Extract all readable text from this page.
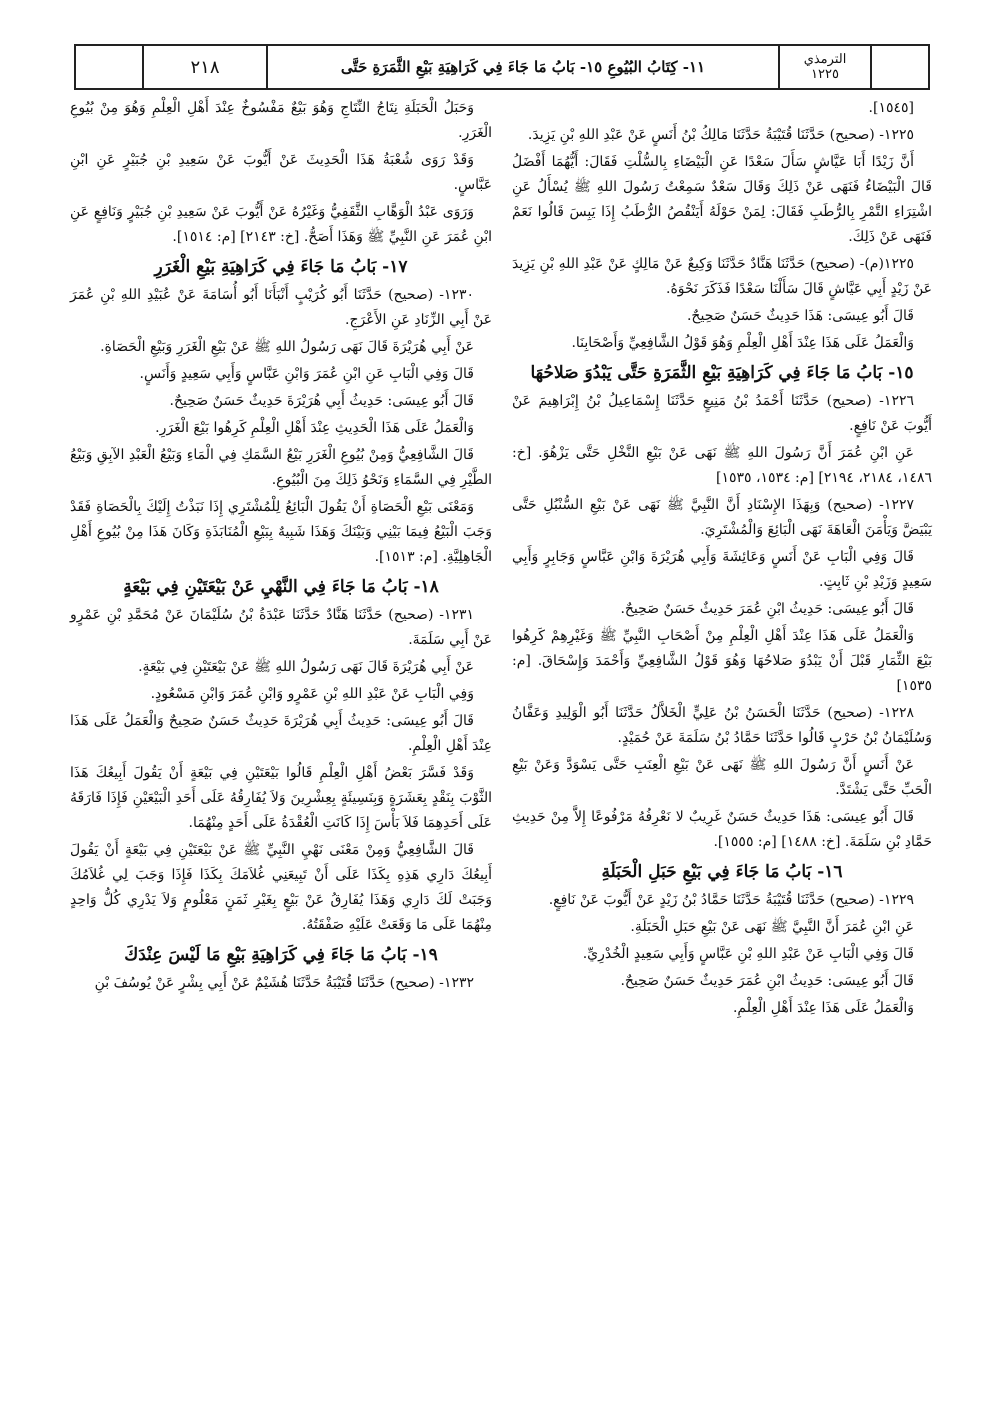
الترمذي
١٢٢٥
١١- كِتَابُ البُيُوعِ ١٥- بَابُ مَا جَاءَ فِي كَرَاهِيَةِ بَيْعِ الثَّمَرَةِ حَتَّى
٢١٨
[١٥٤٥].
١٢٢٥- (صحيح) حَدَّثَنَا قُتَيْبَةُ حَدَّثَنَا مَالِكُ بْنُ أَنَسٍ عَنْ عَبْدِ اللهِ بْنِ يَزِيدَ.
أَنَّ زَيْدًا أَبَا عَيَّاشٍ سَأَلَ سَعْدًا عَنِ الْبَيْضَاءِ بِالسُّلْتِ فَقَالَ: أَيُّهُمَا أَفْضَلُ قَالَ الْبَيْضَاءُ فَنَهَى عَنْ ذَلِكَ وَقَالَ سَعْدٌ سَمِعْتُ رَسُولَ اللهِ ﷺ يُسْأَلُ عَنِ اشْتِرَاءِ التَّمْرِ بِالرُّطَبِ فَقَالَ: لِمَنْ حَوْلَهُ أَيَنْقُصُ الرُّطَبُ إِذَا يَبِسَ قَالُوا نَعَمْ فَنَهَى عَنْ ذَلِكَ.
١٢٢٥(م)- (صحيح) حَدَّثَنَا هَنَّادٌ حَدَّثَنَا وَكِيعٌ عَنْ مَالِكٍ عَنْ عَبْدِ اللهِ بْنِ يَزِيدَ عَنْ زَيْدٍ أَبِي عَيَّاشٍ قَالَ سَأَلْنَا سَعْدًا فَذَكَرَ نَحْوَهُ.
قَالَ أَبُو عِيسَى: هَذَا حَدِيثٌ حَسَنٌ صَحِيحٌ.
وَالْعَمَلُ عَلَى هَذَا عِنْدَ أَهْلِ الْعِلْمِ وَهُوَ قَوْلُ الشَّافِعِيِّ وَأَصْحَابِنَا.
١٥- بَابُ مَا جَاءَ فِي كَرَاهِيَةِ بَيْعِ الثَّمَرَةِ حَتَّى يَبْدُوَ صَلاحُهَا
١٢٢٦- (صحيح) حَدَّثَنَا أَحْمَدُ بْنُ مَنِيعٍ حَدَّثَنَا إِسْمَاعِيلُ بْنُ إِبْرَاهِيمَ عَنْ أَيُّوبَ عَنْ نَافِعٍ.
عَنِ ابْنِ عُمَرَ أَنَّ رَسُولَ اللهِ ﷺ نَهَى عَنْ بَيْعِ النَّخْلِ حَتَّى يَزْهُوَ. [خ: ١٤٨٦، ٢١٨٤، ٢١٩٤] [م: ١٥٣٤، ١٥٣٥]
١٢٢٧- (صحيح) وَبِهَذَا الإِسْنَادِ أَنَّ النَّبِيَّ ﷺ نَهَى عَنْ بَيْعِ السُّنْبُلِ حَتَّى يَبْيَضَّ وَيَأْمَنَ الْعَاهَةَ نَهَى الْبَائِعَ وَالْمُشْتَرِيَ.
قَالَ وَفِي الْبَابِ عَنْ أَنَسٍ وَعَائِشَةَ وَأَبِي هُرَيْرَةَ وَابْنِ عَبَّاسٍ وَجَابِرٍ وَأَبِي سَعِيدٍ وَزَيْدِ بْنِ ثَابِتٍ.
قَالَ أَبُو عِيسَى: حَدِيثُ ابْنِ عُمَرَ حَدِيثٌ حَسَنٌ صَحِيحٌ.
وَالْعَمَلُ عَلَى هَذَا عِنْدَ أَهْلِ الْعِلْمِ مِنْ أَصْحَابِ النَّبِيِّ ﷺ وَغَيْرِهِمْ كَرِهُوا بَيْعَ الثِّمَارِ قَبْلَ أَنْ يَبْدُوَ صَلاحُهَا وَهُوَ قَوْلُ الشَّافِعِيِّ وَأَحْمَدَ وَإِسْحَاقَ. [م: ١٥٣٥]
١٢٢٨- (صحيح) حَدَّثَنَا الْحَسَنُ بْنُ عَلِيٍّ الْخَلاَّلُ حَدَّثَنَا أَبُو الْوَلِيدِ وَعَفَّانُ وَسُلَيْمَانُ بْنُ حَرْبٍ قَالُوا حَدَّثَنَا حَمَّادُ بْنُ سَلَمَةَ عَنْ حُمَيْدٍ.
عَنْ أَنَسٍ أَنَّ رَسُولَ اللهِ ﷺ نَهَى عَنْ بَيْعِ الْعِنَبِ حَتَّى يَسْوَدَّ وَعَنْ بَيْعِ الْحَبِّ حَتَّى يَشْتَدَّ.
قَالَ أَبُو عِيسَى: هَذَا حَدِيثٌ حَسَنٌ غَرِيبٌ لا نَعْرِفُهُ مَرْفُوعًا إِلاَّ مِنْ حَدِيثِ حَمَّادِ بْنِ سَلَمَةَ. [خ: ١٤٨٨] [م: ١٥٥٥].
١٦- بَابُ مَا جَاءَ فِي بَيْعِ حَبَلِ الْحَبَلَةِ
١٢٢٩- (صحيح) حَدَّثَنَا قُتَيْبَةُ حَدَّثَنَا حَمَّادُ بْنُ زَيْدٍ عَنْ أَيُّوبَ عَنْ نَافِعٍ.
عَنِ ابْنِ عُمَرَ أَنَّ النَّبِيَّ ﷺ نَهَى عَنْ بَيْعِ حَبَلِ الْحَبَلَةِ.
قَالَ وَفِي الْبَابِ عَنْ عَبْدِ اللهِ بْنِ عَبَّاسٍ وَأَبِي سَعِيدٍ الْخُدْرِيِّ.
قَالَ أَبُو عِيسَى: حَدِيثُ ابْنِ عُمَرَ حَدِيثٌ حَسَنٌ صَحِيحٌ.
وَالْعَمَلُ عَلَى هَذَا عِنْدَ أَهْلِ الْعِلْمِ.
وَحَبَلُ الْحَبَلَةِ نِتَاجُ النِّتَاجِ وَهُوَ بَيْعٌ مَفْسُوخٌ عِنْدَ أَهْلِ الْعِلْمِ وَهُوَ مِنْ بُيُوعِ الْغَرَرِ.
وَقَدْ رَوَى شُعْبَةُ هَذَا الْحَدِيثَ عَنْ أَيُّوبَ عَنْ سَعِيدِ بْنِ جُبَيْرٍ عَنِ ابْنِ عَبَّاسٍ.
وَرَوَى عَبْدُ الْوَهَّابِ الثَّقَفِيُّ وَغَيْرُهُ عَنْ أَيُّوبَ عَنْ سَعِيدِ بْنِ جُبَيْرٍ وَنَافِعٍ عَنِ ابْنِ عُمَرَ عَنِ النَّبِيِّ ﷺ وَهَذَا أَصَحُّ. [خ: ٢١٤٣] [م: ١٥١٤].
١٧- بَابُ مَا جَاءَ فِي كَرَاهِيَةِ بَيْعِ الْغَرَرِ
١٢٣٠- (صحيح) حَدَّثَنَا أَبُو كُرَيْبٍ أَنْبَأَنَا أَبُو أُسَامَةَ عَنْ عُبَيْدِ اللهِ بْنِ عُمَرَ عَنْ أَبِي الزِّنَادِ عَنِ الأَعْرَجِ.
عَنْ أَبِي هُرَيْرَةَ قَالَ نَهَى رَسُولُ اللهِ ﷺ عَنْ بَيْعِ الْغَرَرِ وَبَيْعِ الْحَصَاةِ.
قَالَ وَفِي الْبَابِ عَنِ ابْنِ عُمَرَ وَابْنِ عَبَّاسٍ وَأَبِي سَعِيدٍ وَأَنَسٍ.
قَالَ أَبُو عِيسَى: حَدِيثُ أَبِي هُرَيْرَةَ حَدِيثٌ حَسَنٌ صَحِيحٌ.
وَالْعَمَلُ عَلَى هَذَا الْحَدِيثِ عِنْدَ أَهْلِ الْعِلْمِ كَرِهُوا بَيْعَ الْغَرَرِ.
قَالَ الشَّافِعِيُّ وَمِنْ بُيُوعِ الْغَرَرِ بَيْعُ السَّمَكِ فِي الْمَاءِ وَبَيْعُ الْعَبْدِ الآبِقِ وَبَيْعُ الطَّيْرِ فِي السَّمَاءِ وَنَحْوُ ذَلِكَ مِنَ الْبُيُوعِ.
وَمَعْنَى بَيْعِ الْحَصَاةِ أَنْ يَقُولَ الْبَائِعُ لِلْمُشْتَرِي إِذَا نَبَذْتُ إِلَيْكَ بِالْحَصَاةِ فَقَدْ وَجَبَ الْبَيْعُ فِيمَا بَيْنِي وَبَيْنَكَ وَهَذَا شَبِيهٌ بِبَيْعِ الْمُنَابَذَةِ وَكَانَ هَذَا مِنْ بُيُوعِ أَهْلِ الْجَاهِلِيَّةِ. [م: ١٥١٣].
١٨- بَابُ مَا جَاءَ فِي النَّهْيِ عَنْ بَيْعَتَيْنِ فِي بَيْعَةٍ
١٢٣١- (صحيح) حَدَّثَنَا هَنَّادٌ حَدَّثَنَا عَبْدَةُ بْنُ سُلَيْمَانَ عَنْ مُحَمَّدِ بْنِ عَمْرٍو عَنْ أَبِي سَلَمَةَ.
عَنْ أَبِي هُرَيْرَةَ قَالَ نَهَى رَسُولُ اللهِ ﷺ عَنْ بَيْعَتَيْنِ فِي بَيْعَةٍ.
وَفِي الْبَابِ عَنْ عَبْدِ اللهِ بْنِ عَمْرٍو وَابْنِ عُمَرَ وَابْنِ مَسْعُودٍ.
قَالَ أَبُو عِيسَى: حَدِيثُ أَبِي هُرَيْرَةَ حَدِيثٌ حَسَنٌ صَحِيحٌ وَالْعَمَلُ عَلَى هَذَا عِنْدَ أَهْلِ الْعِلْمِ.
وَقَدْ فَسَّرَ بَعْضُ أَهْلِ الْعِلْمِ قَالُوا بَيْعَتَيْنِ فِي بَيْعَةٍ أَنْ يَقُولَ أَبِيعُكَ هَذَا الثَّوْبَ بِنَقْدٍ بِعَشَرَةٍ وَبِنَسِيئَةٍ بِعِشْرِينَ وَلاَ يُفَارِقُهُ عَلَى أَحَدِ الْبَيْعَيْنِ فَإِذَا فَارَقَهُ عَلَى أَحَدِهِمَا فَلاَ بَأْسَ إِذَا كَانَتِ الْعُقْدَةُ عَلَى أَحَدٍ مِنْهُمَا.
قَالَ الشَّافِعِيُّ وَمِنْ مَعْنَى نَهْيِ النَّبِيِّ ﷺ عَنْ بَيْعَتَيْنِ فِي بَيْعَةٍ أَنْ يَقُولَ أَبِيعُكَ دَارِي هَذِهِ بِكَذَا عَلَى أَنْ تَبِيعَنِي غُلاَمَكَ بِكَذَا فَإِذَا وَجَبَ لِي غُلاَمُكَ وَجَبَتْ لَكَ دَارِي وَهَذَا يُفَارِقُ عَنْ بَيْعٍ بِغَيْرِ ثَمَنٍ مَعْلُومٍ وَلاَ يَدْرِي كُلُّ وَاحِدٍ مِنْهُمَا عَلَى مَا وَقَعَتْ عَلَيْهِ صَفْقَتُهُ.
١٩- بَابُ مَا جَاءَ فِي كَرَاهِيَةِ بَيْعِ مَا لَيْسَ عِنْدَكَ
١٢٣٢- (صحيح) حَدَّثَنَا قُتَيْبَةُ حَدَّثَنَا هُشَيْمٌ عَنْ أَبِي بِشْرٍ عَنْ يُوسُفَ بْنِ
